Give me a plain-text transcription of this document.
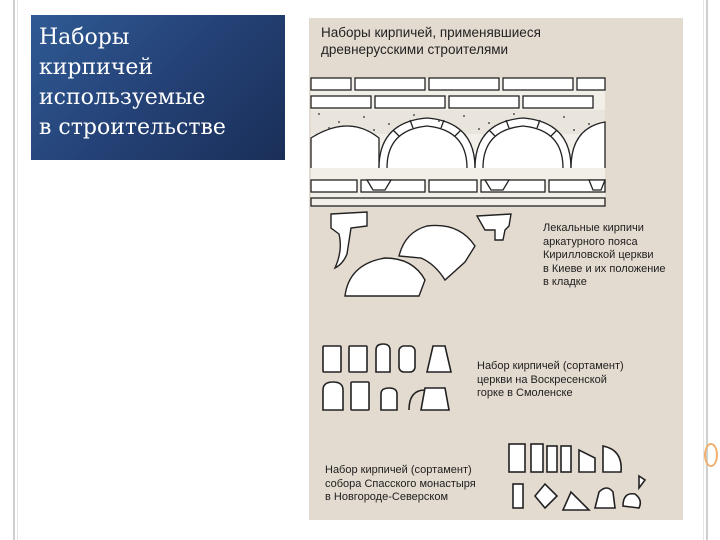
Наборы
кирпичей
используемые
в строительстве
Наборы кирпичей, применявшиеся
древнерусскими строителями
Лекальные кирпичи
аркатурного пояса
Кирилловской церкви
в Киеве и их положение
в кладке
Набор кирпичей (сортамент)
церкви на Воскресенской
горке в Смоленске
Набор кирпичей (сортамент)
собора Спасского монастыря
в Новгороде-Северском
